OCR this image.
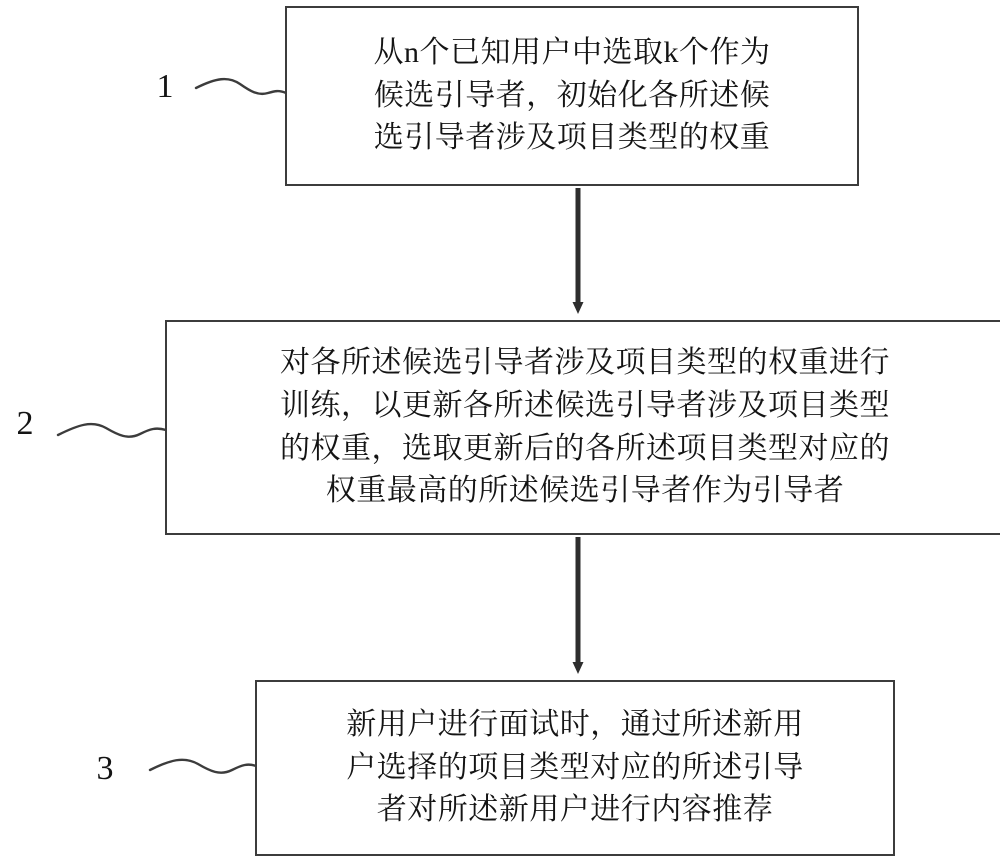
从n个已知用户中选取k个作为
候选引导者，初始化各所述候
选引导者涉及项目类型的权重
对各所述候选引导者涉及项目类型的权重进行
训练，以更新各所述候选引导者涉及项目类型
的权重，选取更新后的各所述项目类型对应的
权重最高的所述候选引导者作为引导者
新用户进行面试时，通过所述新用
户选择的项目类型对应的所述引导
者对所述新用户进行内容推荐
1
2
3
